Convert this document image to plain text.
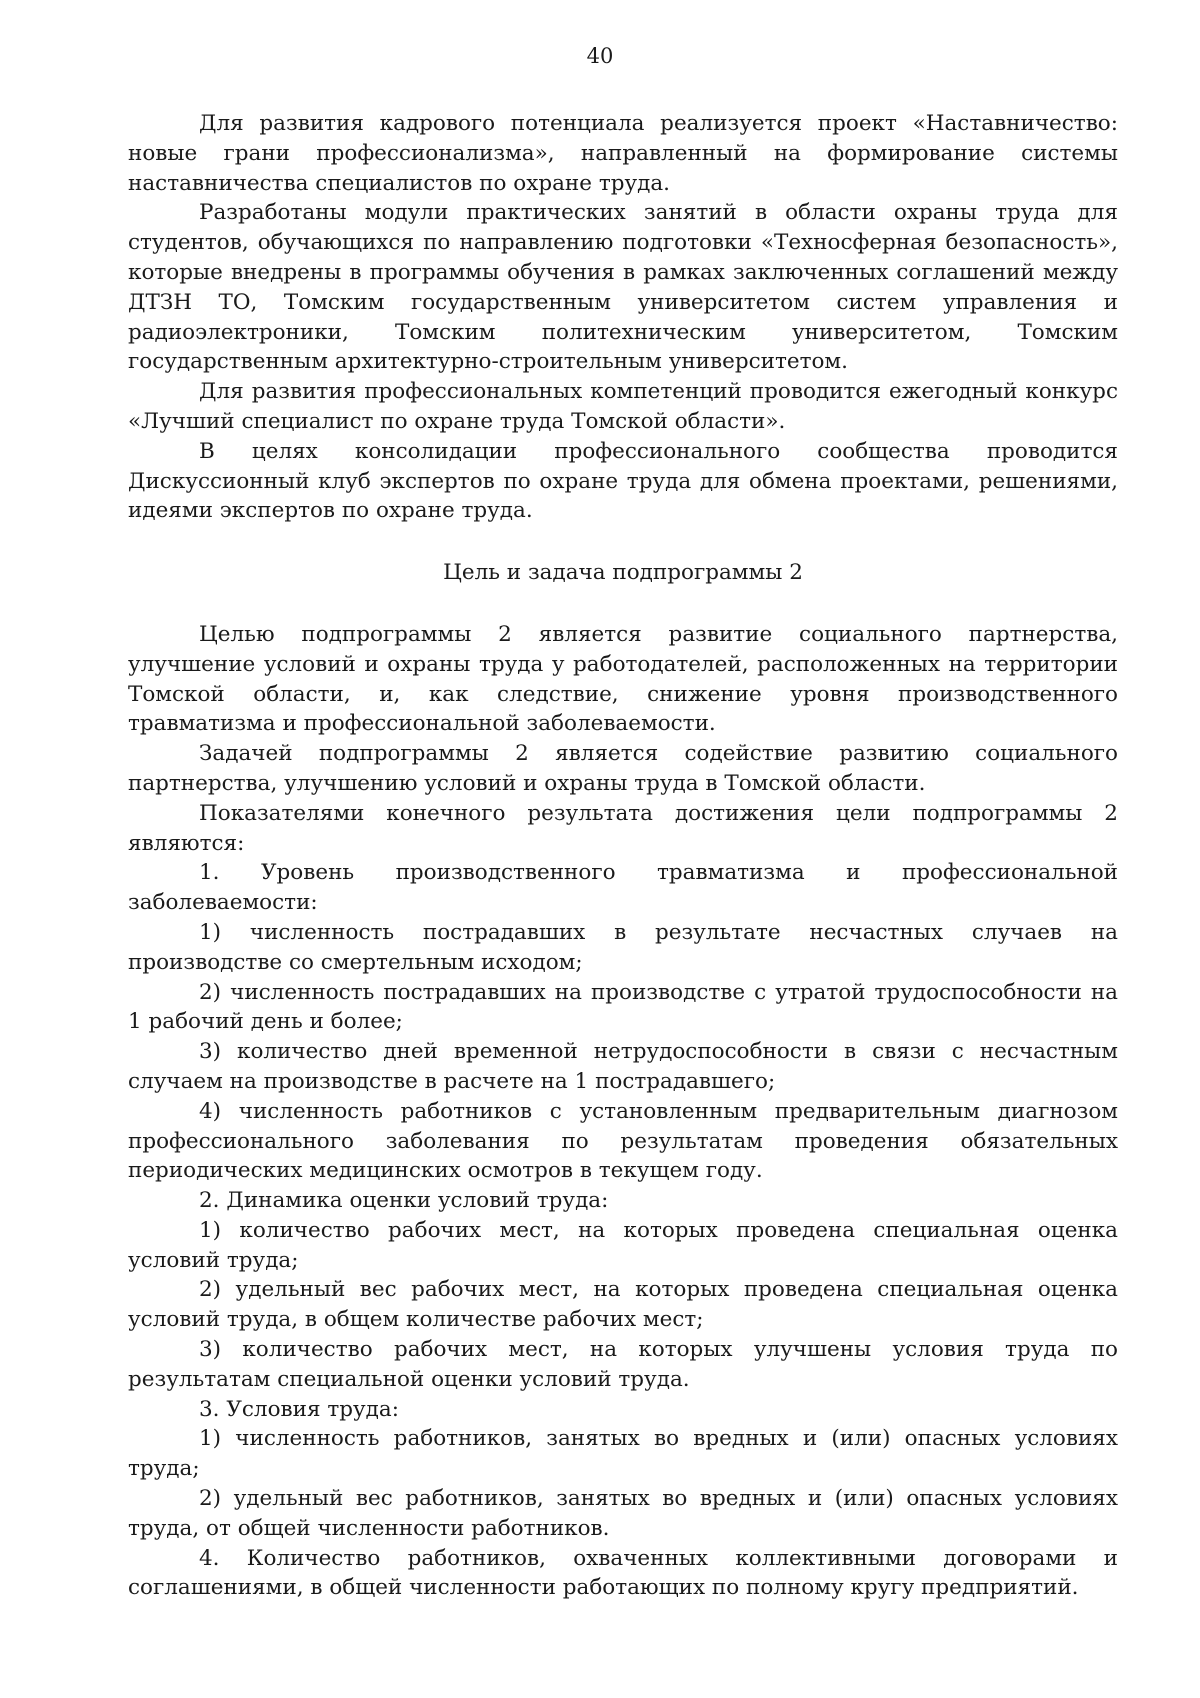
40

Для развития кадрового потенциала реализуется проект «Наставничество: новые грани профессионализма», направленный на формирование системы наставничества специалистов по охране труда.

Разработаны модули практических занятий в области охраны труда для студентов, обучающихся по направлению подготовки «Техносферная безопасность», которые внедрены в программы обучения в рамках заключенных соглашений между ДТЗН ТО, Томским государственным университетом систем управления и радиоэлектроники, Томским политехническим университетом, Томским государственным архитектурно-строительным университетом.

Для развития профессиональных компетенций проводится ежегодный конкурс «Лучший специалист по охране труда Томской области».

В целях консолидации профессионального сообщества проводится Дискуссионный клуб экспертов по охране труда для обмена проектами, решениями, идеями экспертов по охране труда.

Цель и задача подпрограммы 2

Целью подпрограммы 2 является развитие социального партнерства, улучшение условий и охраны труда у работодателей, расположенных на территории Томской области, и, как следствие, снижение уровня производственного травматизма и профессиональной заболеваемости.

Задачей подпрограммы 2 является содействие развитию социального партнерства, улучшению условий и охраны труда в Томской области.

Показателями конечного результата достижения цели подпрограммы 2 являются:

1. Уровень производственного травматизма и профессиональной заболеваемости:

1) численность пострадавших в результате несчастных случаев на производстве со смертельным исходом;

2) численность пострадавших на производстве с утратой трудоспособности на 1 рабочий день и более;

3) количество дней временной нетрудоспособности в связи с несчастным случаем на производстве в расчете на 1 пострадавшего;

4) численность работников с установленным предварительным диагнозом профессионального заболевания по результатам проведения обязательных периодических медицинских осмотров в текущем году.

2. Динамика оценки условий труда:

1) количество рабочих мест, на которых проведена специальная оценка условий труда;

2) удельный вес рабочих мест, на которых проведена специальная оценка условий труда, в общем количестве рабочих мест;

3) количество рабочих мест, на которых улучшены условия труда по результатам специальной оценки условий труда.

3. Условия труда:

1) численность работников, занятых во вредных и (или) опасных условиях труда;

2) удельный вес работников, занятых во вредных и (или) опасных условиях труда, от общей численности работников.

4. Количество работников, охваченных коллективными договорами и соглашениями, в общей численности работающих по полному кругу предприятий.
